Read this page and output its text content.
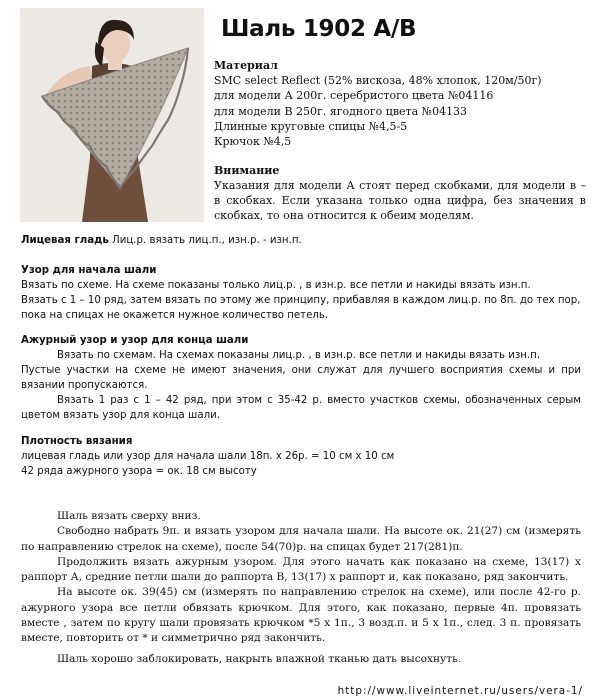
Шаль 1902 A/B
Материал
SMC select Reflect (52% вискоза, 48% хлопок, 120м/50г)
для модели А 200г. серебристого цвета №04116
для модели В 250г. ягодного цвета №04133
Длинные круговые спицы №4,5-5
Крючок №4,5
Внимание
Указания для модели А стоят перед скобками, для модели в – в скобках. Если указана только одна цифра, без значения в скобках, то она относится к обеим моделям.
Лицевая гладь Лиц.р. вязать лиц.п., изн.р. - изн.п.
Узор для начала шали

Вязать по схеме. На схеме показаны только лиц.р. , в изн.р. все петли и накиды вязать изн.п.

Вязать с 1 – 10 ряд, затем вязать по этому же принципу, прибавляя в каждом лиц.р. по 8п. до тех пор, пока на спицах не окажется нужное количество петель.

Ажурный узор и узор для конца шали

Вязать по схемам. На схемах показаны лиц.р. , в изн.р. все петли и накиды вязать изн.п.

Пустые участки на схеме не имеют значения, они служат для лучшего восприятия схемы и при вязании пропускаются.

Вязать 1 раз с 1 – 42 ряд, при этом с 35-42 р. вместо участков схемы, обозначенных серым цветом вязать узор для конца шали.

Плотность вязания

лицевая гладь или узор для начала шали 18п. х 26р. = 10 см х 10 см

42 ряда ажурного узора = ок. 18 см высоту

Шаль вязать сверху вниз.

Свободно набрать 9п. и вязать узором для начала шали. На высоте ок. 21(27) см (измерять по направлению стрелок на схеме), после 54(70)р. на спицах будет 217(281)п.

Продолжить вязать ажурным узором. Для этого начать как показано на схеме, 13(17) х раппорт А, средние петли шали до раппорта В, 13(17) х раппорт и, как показано, ряд закончить.

На высоте ок. 39(45) см (измерять по направлению стрелок на схеме), или после 42-го р. ажурного узора все петли обвязать крючком. Для этого, как показано, первые 4п. провязать вместе , затем по кругу шали провязать крючком *5 х 1п., 3 возд.п. и 5 х 1п., след. 3 п. провязать вместе, повторить от * и симметрично ряд закончить.

Шаль хорошо заблокировать, накрыть влажной тканью дать высохнуть.

http://www.liveinternet.ru/users/vera-1/
